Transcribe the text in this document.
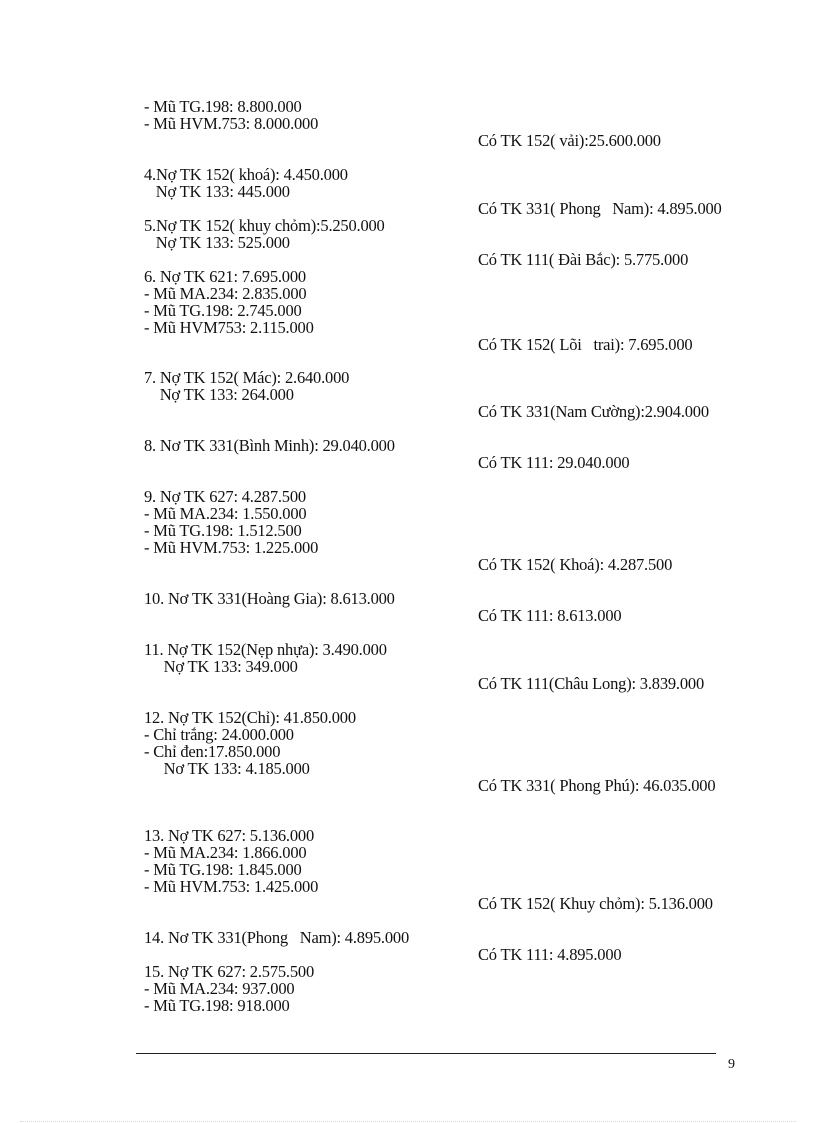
- Mũ TG.198: 8.800.000
- Mũ HVM.753: 8.000.000
4.Nợ TK 152( khoá): 4.450.000
Nợ TK 133: 445.000
5.Nợ TK 152( khuy chỏm):5.250.000
Nợ TK 133: 525.000
6. Nợ TK 621: 7.695.000
- Mũ MA.234: 2.835.000
- Mũ TG.198: 2.745.000
- Mũ HVM753: 2.115.000
7. Nợ TK 152( Mác): 2.640.000
Nợ TK 133: 264.000
8. Nơ TK 331(Bình Minh): 29.040.000
9. Nợ TK 627: 4.287.500
- Mũ MA.234: 1.550.000
- Mũ TG.198: 1.512.500
- Mũ HVM.753: 1.225.000
10. Nơ TK 331(Hoàng Gia): 8.613.000
11. Nợ TK 152(Nẹp nhựa): 3.490.000
Nợ TK 133: 349.000
12. Nợ TK 152(Chỉ): 41.850.000
- Chỉ trắng: 24.000.000
- Chỉ đen:17.850.000
Nơ TK 133: 4.185.000
13. Nợ TK 627: 5.136.000
- Mũ MA.234: 1.866.000
- Mũ TG.198: 1.845.000
- Mũ HVM.753: 1.425.000
14. Nơ TK 331(Phong   Nam): 4.895.000
15. Nợ TK 627: 2.575.500
- Mũ MA.234: 937.000
- Mũ TG.198: 918.000
Có TK 152( vải):25.600.000
Có TK 331( Phong   Nam): 4.895.000
Có TK 111( Đài Bắc): 5.775.000
Có TK 152( Lõi   trai): 7.695.000
Có TK 331(Nam Cường):2.904.000
Có TK 111: 29.040.000
Có TK 152( Khoá): 4.287.500
Có TK 111: 8.613.000
Có TK 111(Châu Long): 3.839.000
Có TK 331( Phong Phú): 46.035.000
Có TK 152( Khuy chỏm): 5.136.000
Có TK 111: 4.895.000
9
